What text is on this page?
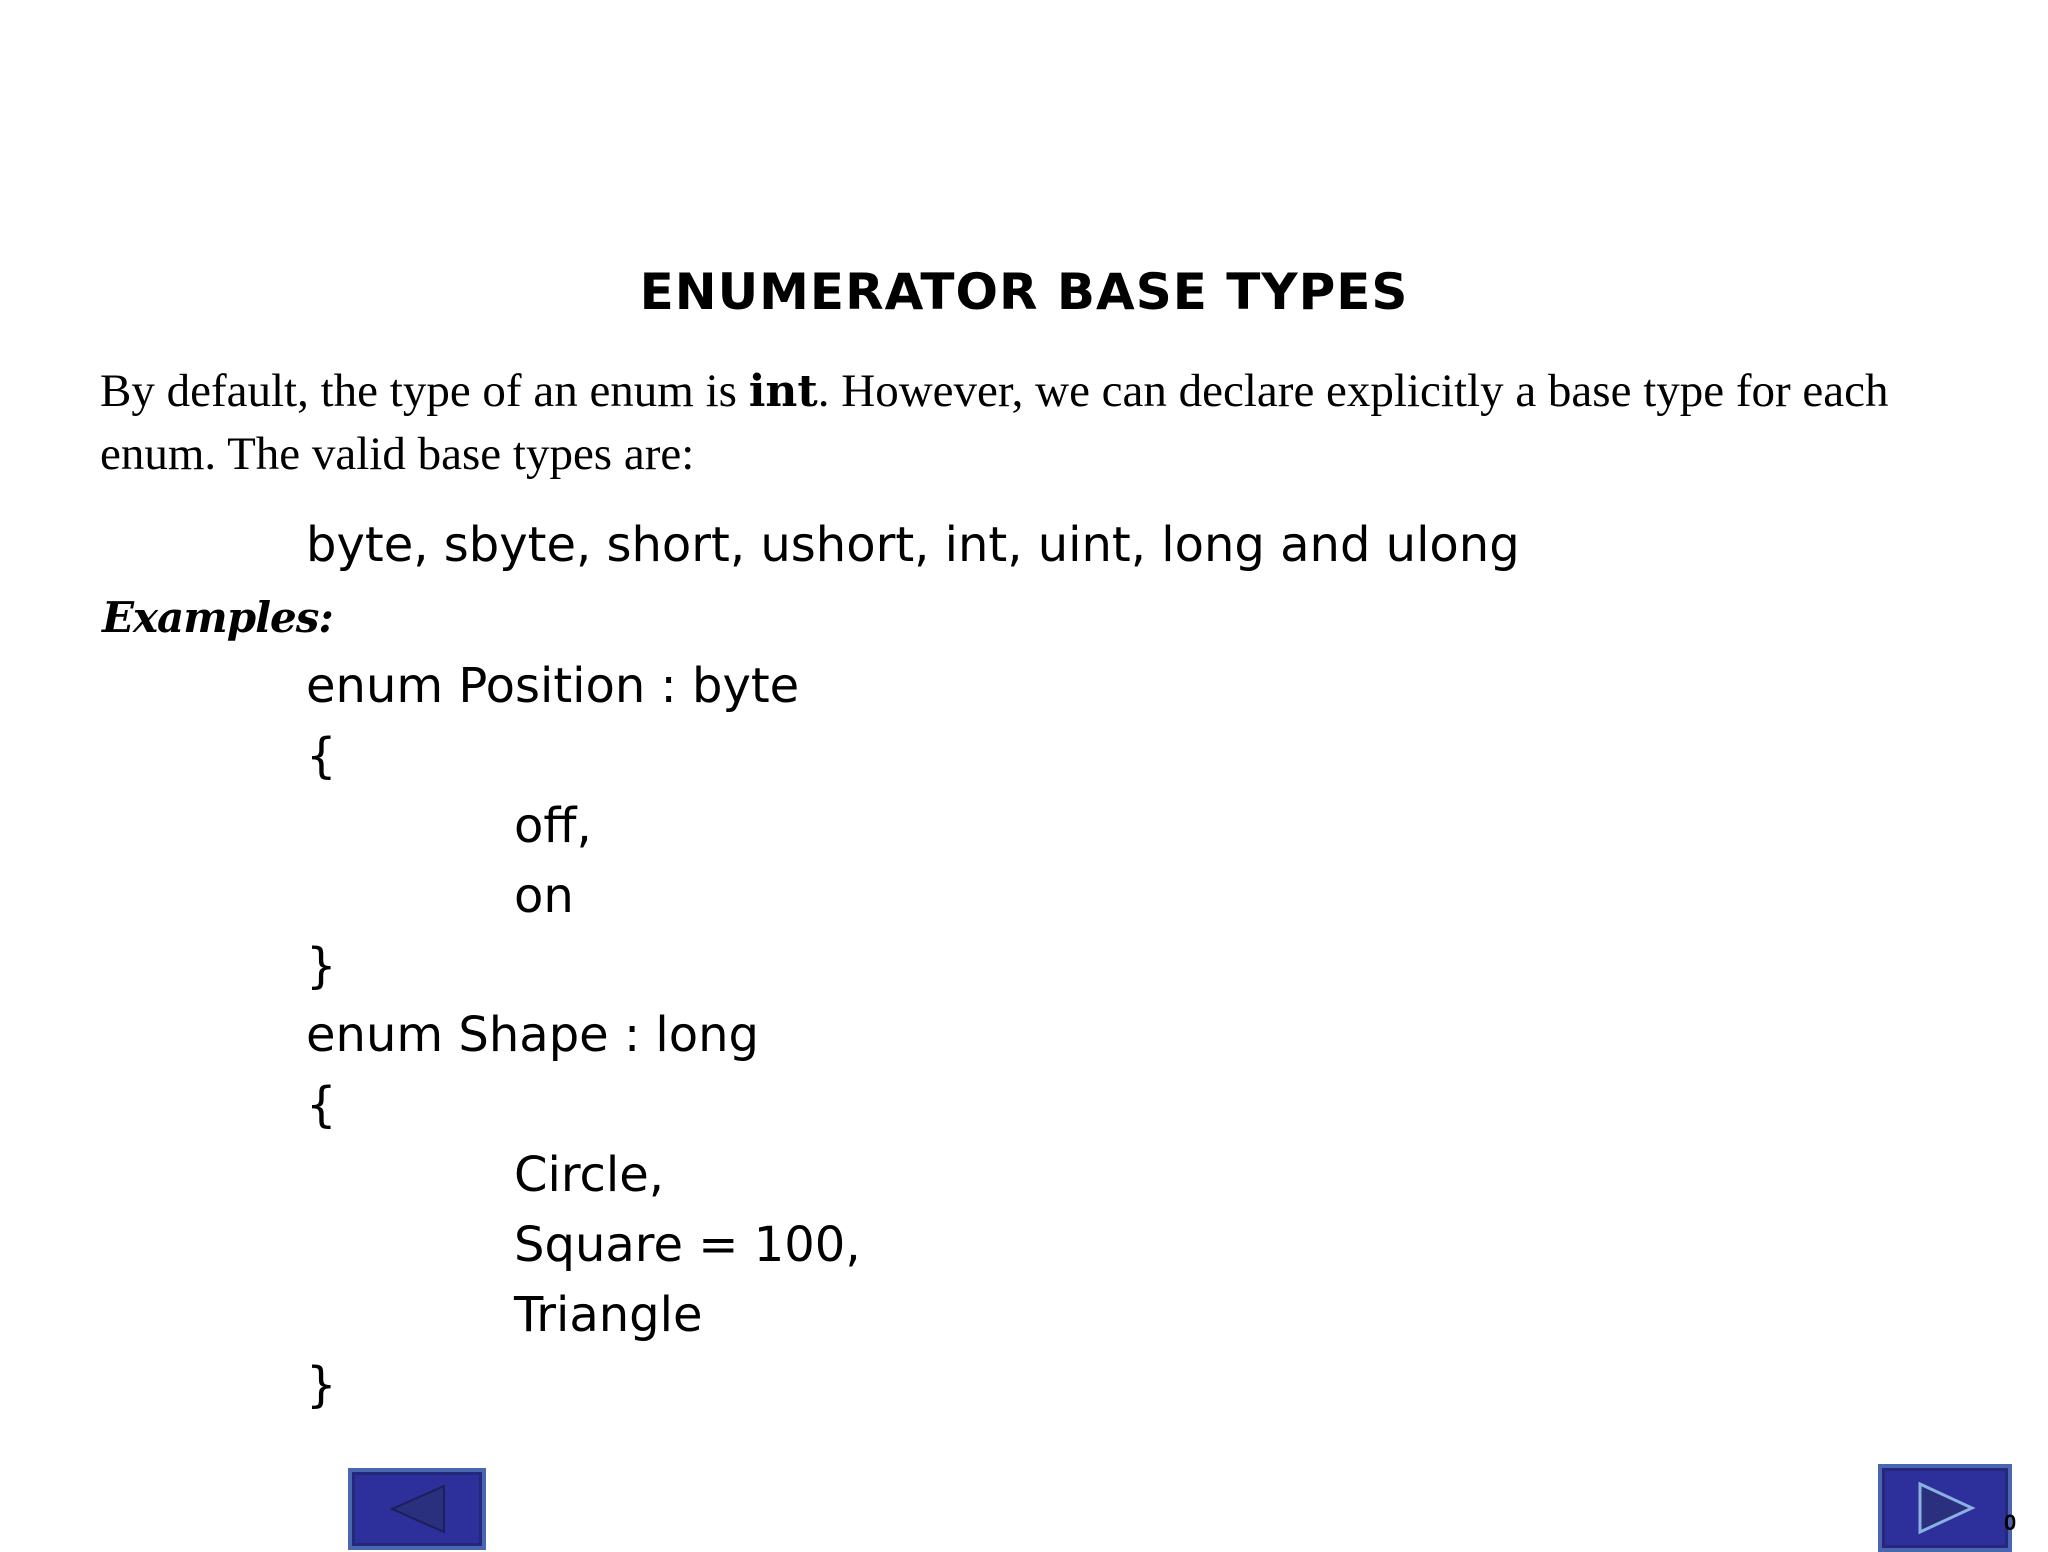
ENUMERATOR BASE TYPES

By default, the type of an enum is int. However, we can declare explicitly a base type for each enum. The valid base types are:

byte, sbyte, short, ushort, int, uint, long and ulong

Examples:

enum Position : byte
{
off,
on
}
enum Shape : long
{
Circle,
Square = 100,
Triangle
}
0
